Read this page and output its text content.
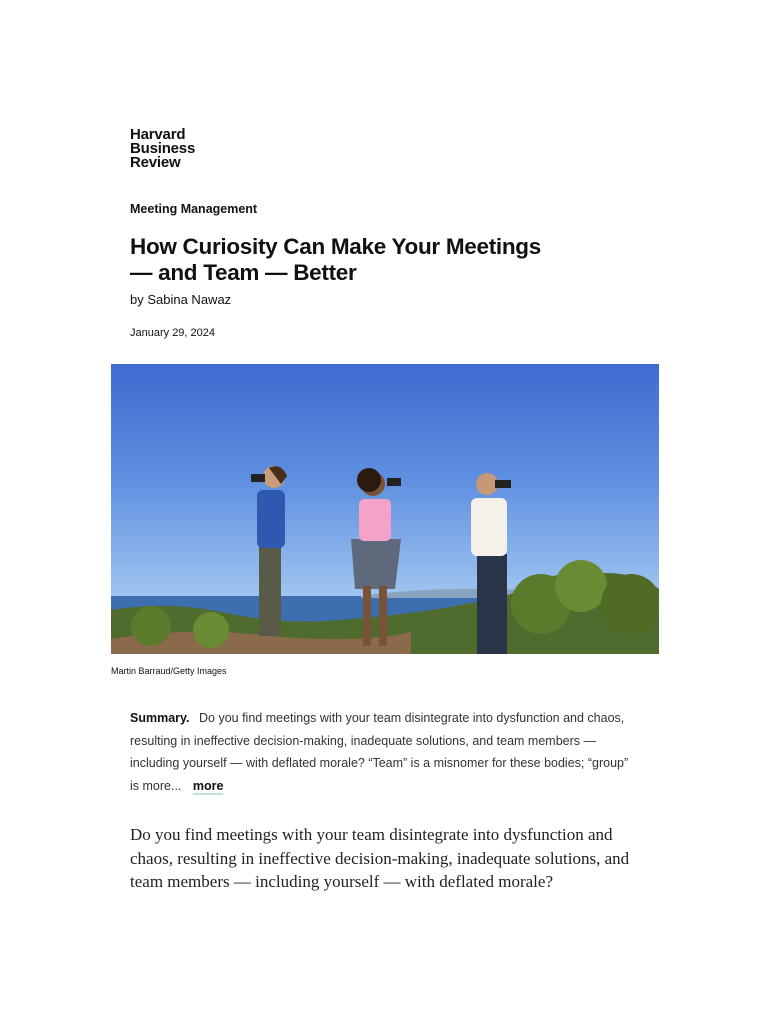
Harvard
Business
Review
Meeting Management
How Curiosity Can Make Your Meetings — and Team — Better
by Sabina Nawaz
January 29, 2024
Martin Barraud/Getty Images
Summary. Do you find meetings with your team disintegrate into dysfunction and chaos, resulting in ineffective decision-making, inadequate solutions, and team members — including yourself — with deflated morale? “Team” is a misnomer for these bodies; “group” is more... more

Do you find meetings with your team disintegrate into dysfunction and chaos, resulting in ineffective decision-making, inadequate solutions, and team members — including yourself — with deflated morale?
